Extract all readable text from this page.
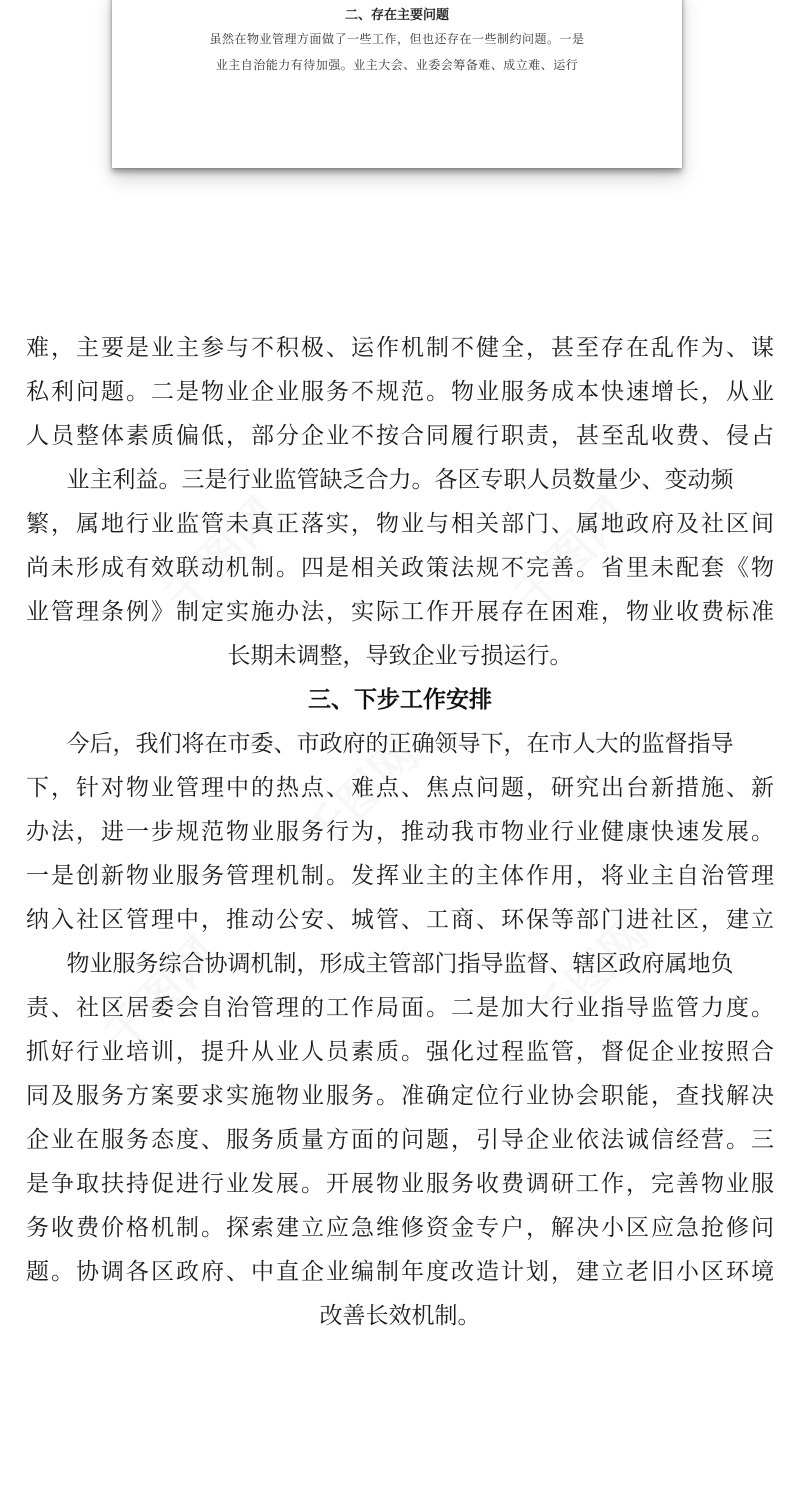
二、存在主要问题

虽然在物业管理方面做了一些工作，但也还存在一些制约问题。一是

业主自治能力有待加强。业主大会、业委会筹备难、成立难、运行

千图网	千图网
千图网
千图网	千图网

难，主要是业主参与不积极、运作机制不健全，甚至存在乱作为、谋

私利问题。二是物业企业服务不规范。物业服务成本快速增长，从业

人员整体素质偏低，部分企业不按合同履行职责，甚至乱收费、侵占

业主利益。三是行业监管缺乏合力。各区专职人员数量少、变动频

繁，属地行业监管未真正落实，物业与相关部门、属地政府及社区间

尚未形成有效联动机制。四是相关政策法规不完善。省里未配套《物

业管理条例》制定实施办法，实际工作开展存在困难，物业收费标准

长期未调整，导致企业亏损运行。

三、下步工作安排

今后，我们将在市委、市政府的正确领导下，在市人大的监督指导

下，针对物业管理中的热点、难点、焦点问题，研究出台新措施、新

办法，进一步规范物业服务行为，推动我市物业行业健康快速发展。

一是创新物业服务管理机制。发挥业主的主体作用，将业主自治管理

纳入社区管理中，推动公安、城管、工商、环保等部门进社区，建立

物业服务综合协调机制，形成主管部门指导监督、辖区政府属地负

责、社区居委会自治管理的工作局面。二是加大行业指导监管力度。

抓好行业培训，提升从业人员素质。强化过程监管，督促企业按照合

同及服务方案要求实施物业服务。准确定位行业协会职能，查找解决

企业在服务态度、服务质量方面的问题，引导企业依法诚信经营。三

是争取扶持促进行业发展。开展物业服务收费调研工作，完善物业服

务收费价格机制。探索建立应急维修资金专户，解决小区应急抢修问

题。协调各区政府、中直企业编制年度改造计划，建立老旧小区环境

改善长效机制。
